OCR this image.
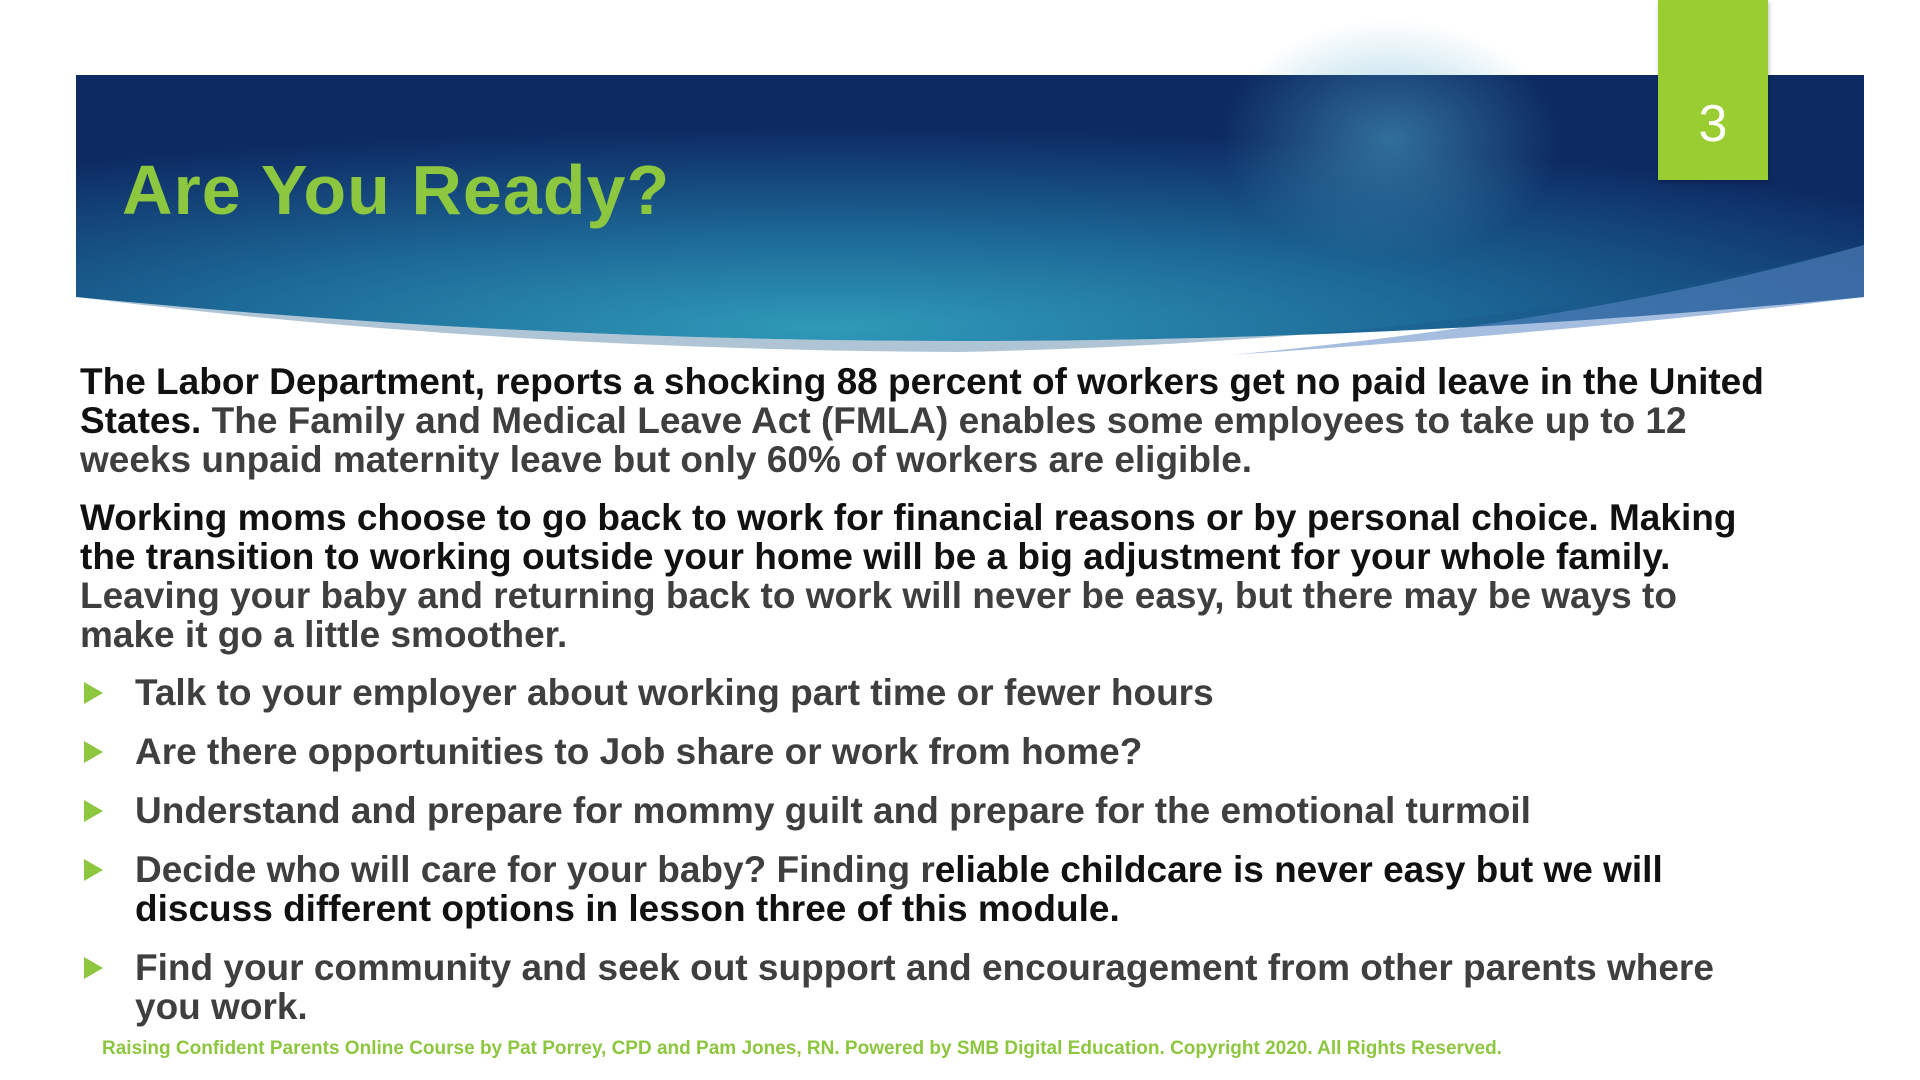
Are You Ready?
3

The Labor Department, reports a shocking 88 percent of workers get no paid leave in the United States. The Family and Medical Leave Act (FMLA) enables some employees to take up to 12 weeks unpaid maternity leave but only 60% of workers are eligible.

Working moms choose to go back to work for financial reasons or by personal choice. Making the transition to working outside your home will be a big adjustment for your whole family. Leaving your baby and returning back to work will never be easy, but there may be ways to make it go a little smoother.

Talk to your employer about working part time or fewer hours
Are there opportunities to Job share or work from home?
Understand and prepare for mommy guilt and prepare for the emotional turmoil
Decide who will care for your baby? Finding reliable childcare is never easy but we will discuss different options in lesson three of this module.
Find your community and seek out support and encouragement from other parents where you work.
Raising Confident Parents Online Course by Pat Porrey, CPD and Pam Jones, RN. Powered by SMB Digital Education. Copyright 2020. All Rights Reserved.
